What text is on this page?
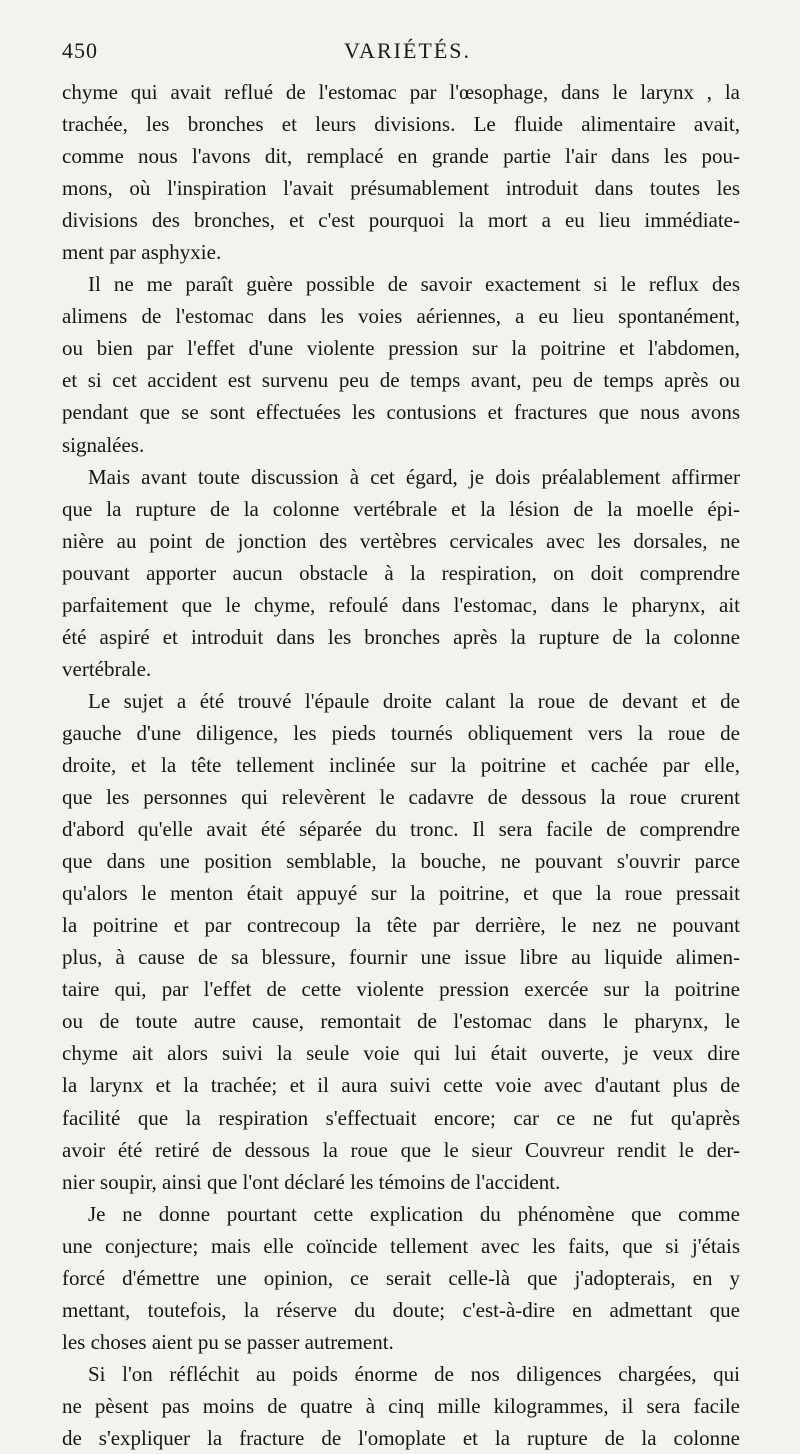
450	VARIÉTÉS.
chyme qui avait reflué de l'estomac par l'œsophage, dans le larynx , la
trachée, les bronches et leurs divisions. Le fluide alimentaire avait,
comme nous l'avons dit, remplacé en grande partie l'air dans les pou-
mons, où l'inspiration l'avait présumablement introduit dans toutes les
divisions des bronches, et c'est pourquoi la mort a eu lieu immédiate-
ment par asphyxie.
Il ne me paraît guère possible de savoir exactement si le reflux des
alimens de l'estomac dans les voies aériennes, a eu lieu spontanément,
ou bien par l'effet d'une violente pression sur la poitrine et l'abdomen,
et si cet accident est survenu peu de temps avant, peu de temps après ou
pendant que se sont effectuées les contusions et fractures que nous avons
signalées.
Mais avant toute discussion à cet égard, je dois préalablement affirmer
que la rupture de la colonne vertébrale et la lésion de la moelle épi-
nière au point de jonction des vertèbres cervicales avec les dorsales, ne
pouvant apporter aucun obstacle à la respiration, on doit comprendre
parfaitement que le chyme, refoulé dans l'estomac, dans le pharynx, ait
été aspiré et introduit dans les bronches après la rupture de la colonne
vertébrale.
Le sujet a été trouvé l'épaule droite calant la roue de devant et de
gauche d'une diligence, les pieds tournés obliquement vers la roue de
droite, et la tête tellement inclinée sur la poitrine et cachée par elle,
que les personnes qui relevèrent le cadavre de dessous la roue crurent
d'abord qu'elle avait été séparée du tronc. Il sera facile de comprendre
que dans une position semblable, la bouche, ne pouvant s'ouvrir parce
qu'alors le menton était appuyé sur la poitrine, et que la roue pressait
la poitrine et par contrecoup la tête par derrière, le nez ne pouvant
plus, à cause de sa blessure, fournir une issue libre au liquide alimen-
taire qui, par l'effet de cette violente pression exercée sur la poitrine
ou de toute autre cause, remontait de l'estomac dans le pharynx, le
chyme ait alors suivi la seule voie qui lui était ouverte, je veux dire
la larynx et la trachée; et il aura suivi cette voie avec d'autant plus de
facilité que la respiration s'effectuait encore; car ce ne fut qu'après
avoir été retiré de dessous la roue que le sieur Couvreur rendit le der-
nier soupir, ainsi que l'ont déclaré les témoins de l'accident.
Je ne donne pourtant cette explication du phénomène que comme
une conjecture; mais elle coïncide tellement avec les faits, que si j'étais
forcé d'émettre une opinion, ce serait celle-là que j'adopterais, en y
mettant, toutefois, la réserve du doute; c'est-à-dire en admettant que
les choses aient pu se passer autrement.
Si l'on réfléchit au poids énorme de nos diligences chargées, qui
ne pèsent pas moins de quatre à cinq mille kilogrammes, il sera facile
de s'expliquer la fracture de l'omoplate et la rupture de la colonne
